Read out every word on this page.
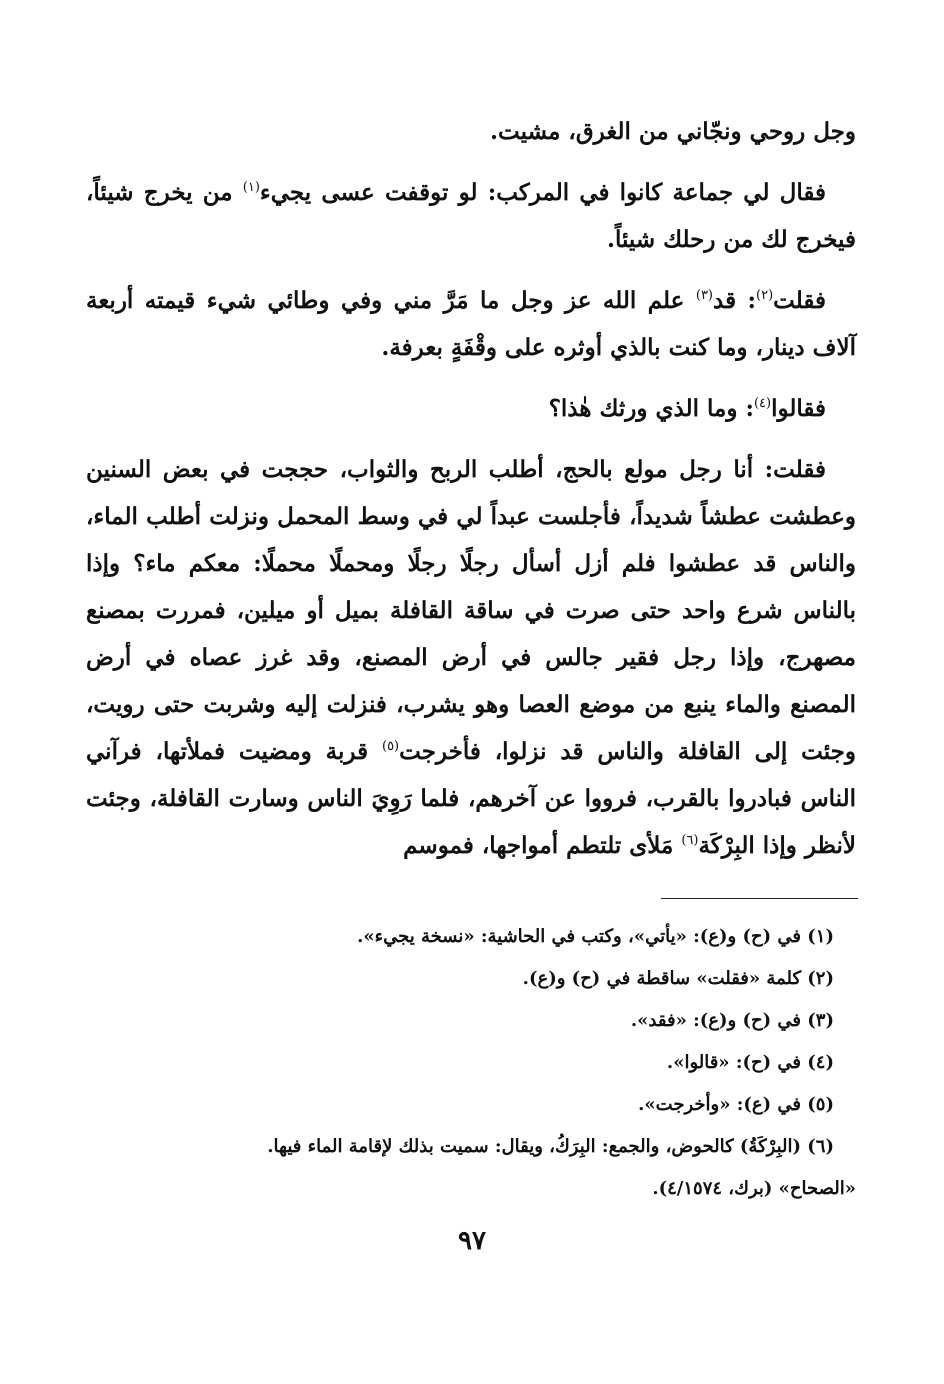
وجل روحي ونجّاني من الغرق، مشيت.

فقال لي جماعة كانوا في المركب: لو توقفت عسى يجيء$^{(١)}$ من يخرج شيئاً، فيخرج لك من رحلك شيئاً.

فقلت$^{(٢)}$: قد$^{(٣)}$ علم الله عز وجل ما مَرَّ مني وفي وطائي شيء قيمته أربعة آلاف دينار، وما كنت بالذي أوثره على وقْفَةٍ بعرفة.

فقالوا$^{(٤)}$: وما الذي ورثك هٰذا؟

فقلت: أنا رجل مولع بالحج، أطلب الربح والثواب، حججت في بعض السنين وعطشت عطشاً شديداً، فأجلست عبداً لي في وسط المحمل ونزلت أطلب الماء، والناس قد عطشوا فلم أزل أسأل رجلًا رجلًا ومحملًا محملًا: معكم ماء؟ وإذا بالناس شرع واحد حتى صرت في ساقة القافلة بميل أو ميلين، فمررت بمصنع مصهرج، وإذا رجل فقير جالس في أرض المصنع، وقد غرز عصاه في أرض المصنع والماء ينبع من موضع العصا وهو يشرب، فنزلت إليه وشربت حتى رويت، وجئت إلى القافلة والناس قد نزلوا، فأخرجت$^{(٥)}$ قربة ومضيت فملأتها، فرآني الناس فبادروا بالقرب، فرووا عن آخرهم، فلما رَوِيَ الناس وسارت القافلة، وجئت لأنظر وإذا البِرْكَة$^{(٦)}$ مَلأى تلتطم أمواجها، فموسم

(١) في (ح) و(ع): «يأتي»، وكتب في الحاشية: «نسخة يجيء».

(٢) كلمة «فقلت» ساقطة في (ح) و(ع).

(٣) في (ح) و(ع): «فقد».

(٤) في (ح): «قالوا».

(٥) في (ع): «وأخرجت».

(٦) (البِرْكَةُ) كالحوض، والجمع: البِرَكُ، ويقال: سميت بذلك لإقامة الماء فيها.

«الصحاح» (برك، ٤/١٥٧٤).

٩٧
